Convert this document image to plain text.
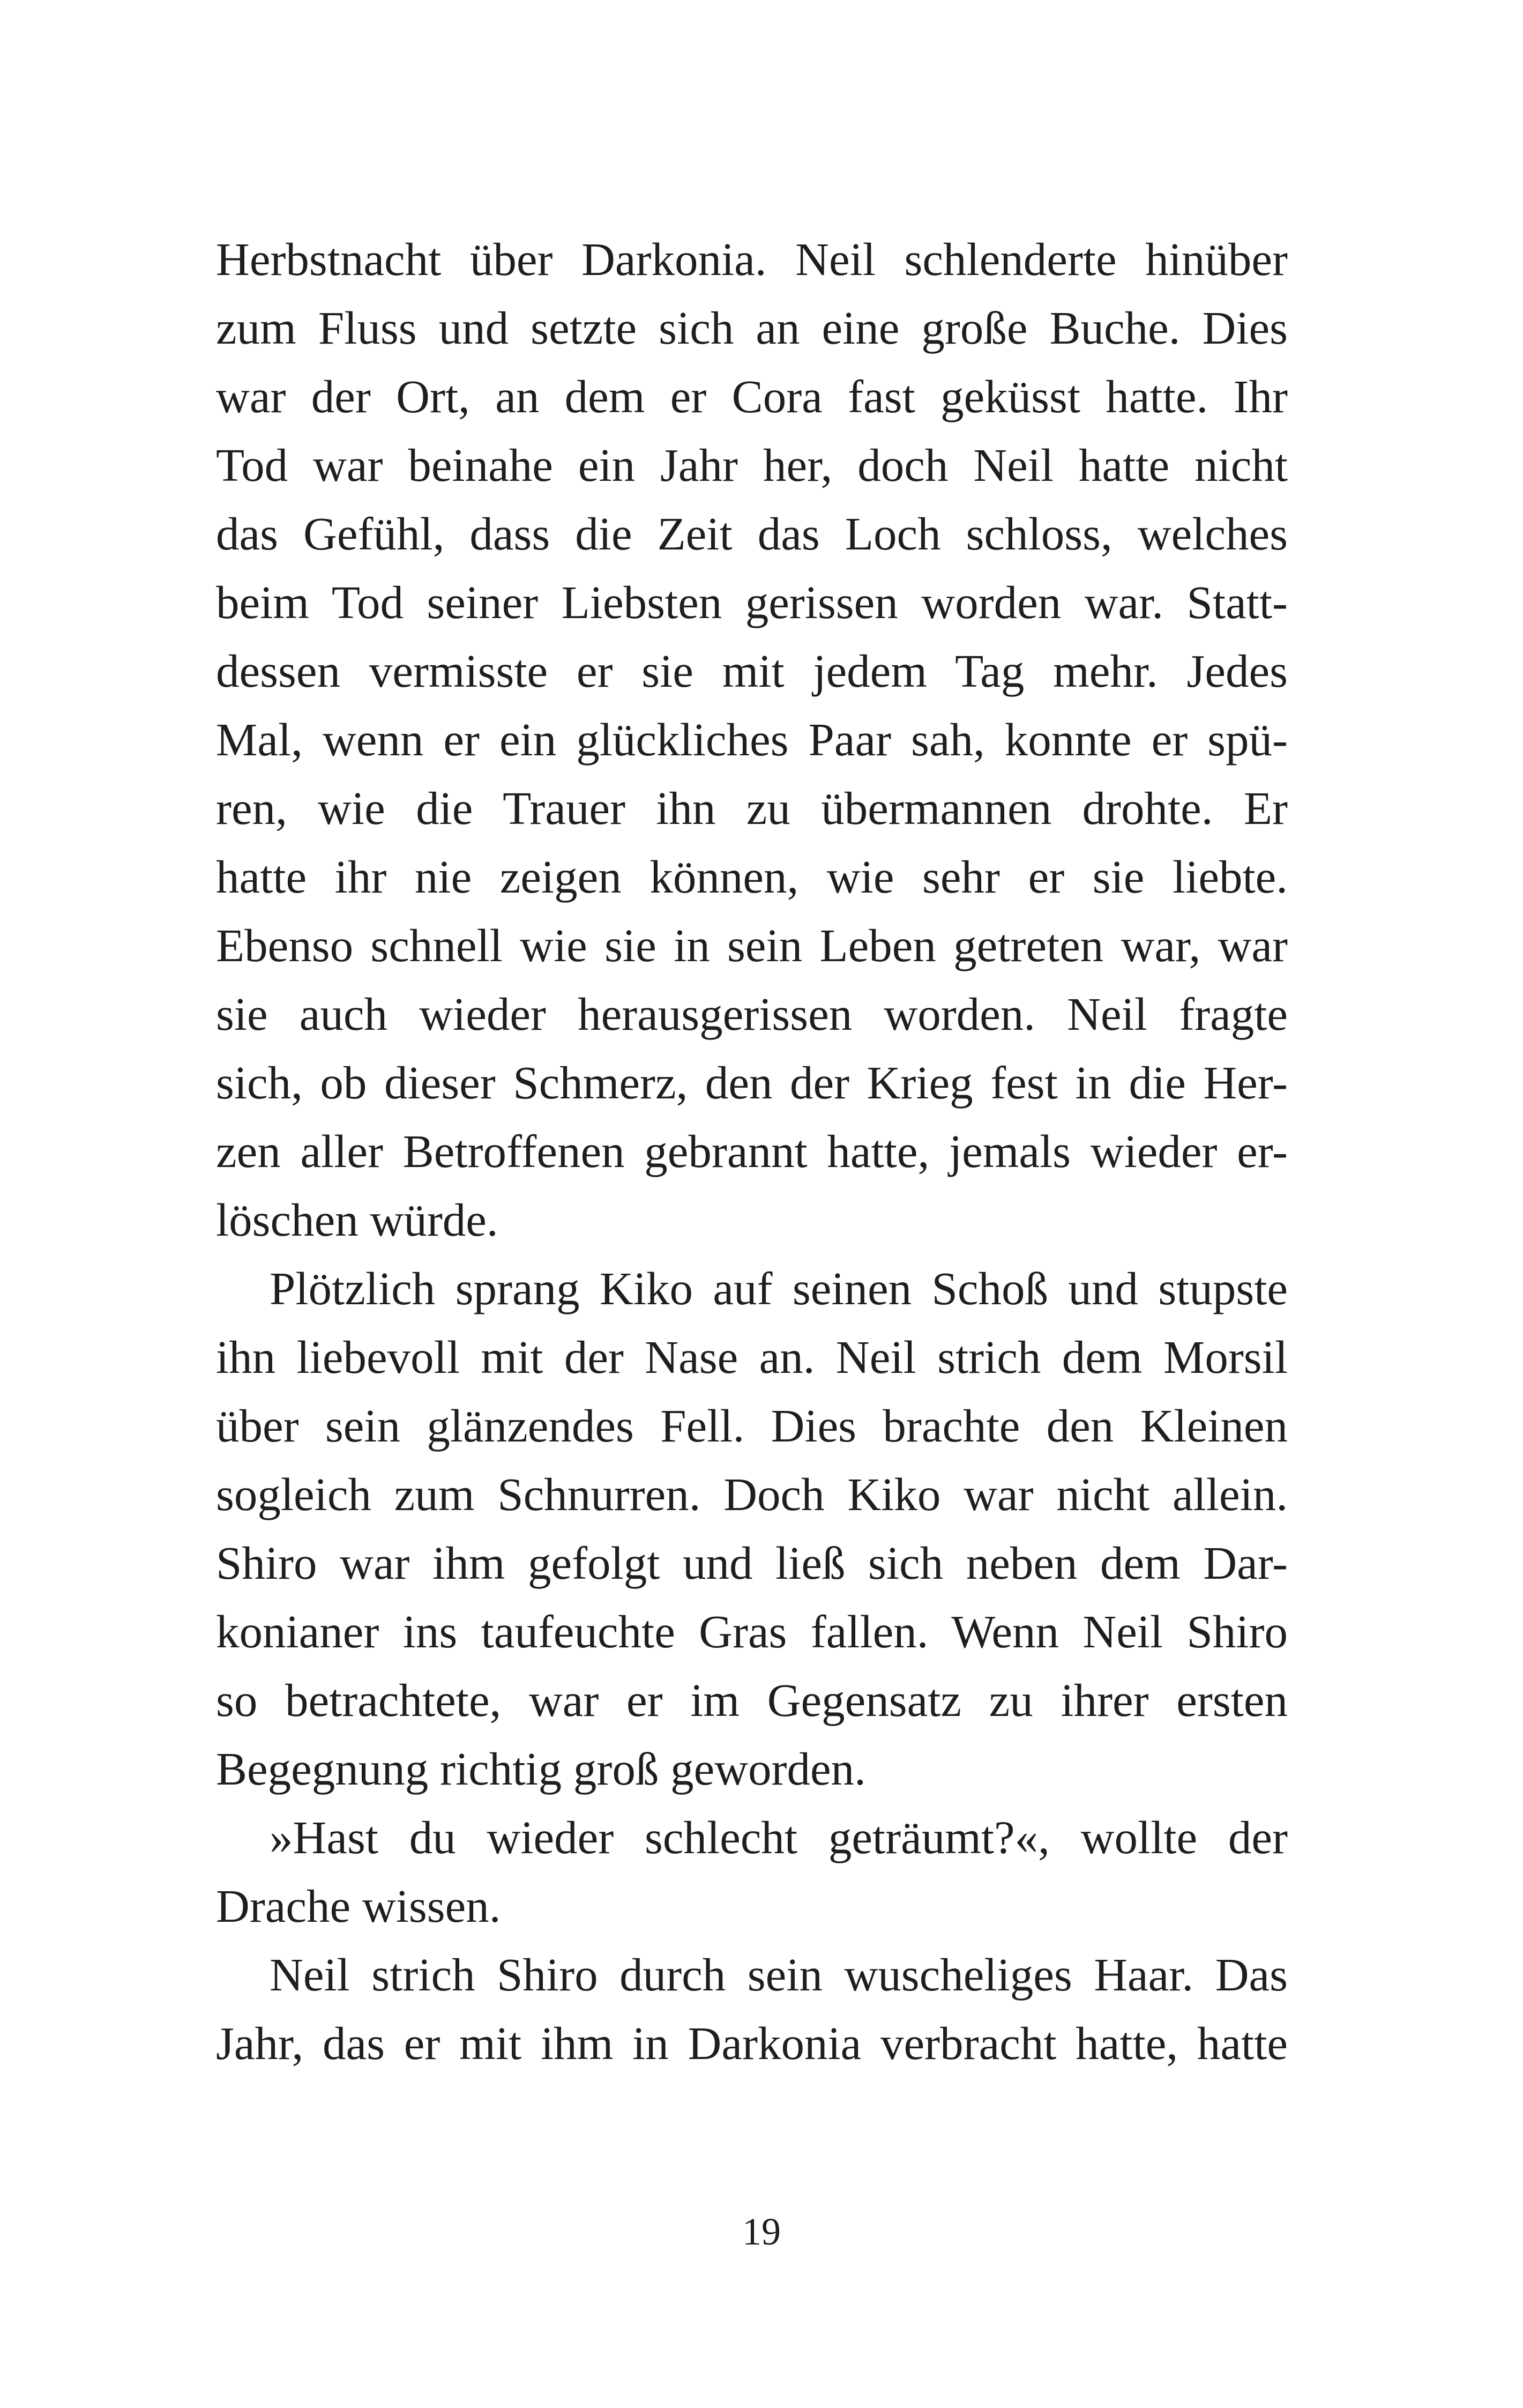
Herbstnacht über Darkonia. Neil schlenderte hinüber
zum Fluss und setzte sich an eine große Buche. Dies
war der Ort, an dem er Cora fast geküsst hatte. Ihr
Tod war beinahe ein Jahr her, doch Neil hatte nicht
das Gefühl, dass die Zeit das Loch schloss, welches
beim Tod seiner Liebsten gerissen worden war. Statt-
dessen vermisste er sie mit jedem Tag mehr. Jedes
Mal, wenn er ein glückliches Paar sah, konnte er spü-
ren, wie die Trauer ihn zu übermannen drohte. Er
hatte ihr nie zeigen können, wie sehr er sie liebte.
Ebenso schnell wie sie in sein Leben getreten war, war
sie auch wieder herausgerissen worden. Neil fragte
sich, ob dieser Schmerz, den der Krieg fest in die Her-
zen aller Betroffenen gebrannt hatte, jemals wieder er-
löschen würde.
Plötzlich sprang Kiko auf seinen Schoß und stupste
ihn liebevoll mit der Nase an. Neil strich dem Morsil
über sein glänzendes Fell. Dies brachte den Kleinen
sogleich zum Schnurren. Doch Kiko war nicht allein.
Shiro war ihm gefolgt und ließ sich neben dem Dar-
konianer ins taufeuchte Gras fallen. Wenn Neil Shiro
so betrachtete, war er im Gegensatz zu ihrer ersten
Begegnung richtig groß geworden.
»Hast du wieder schlecht geträumt?«, wollte der
Drache wissen.
Neil strich Shiro durch sein wuscheliges Haar. Das
Jahr, das er mit ihm in Darkonia verbracht hatte, hatte
19
